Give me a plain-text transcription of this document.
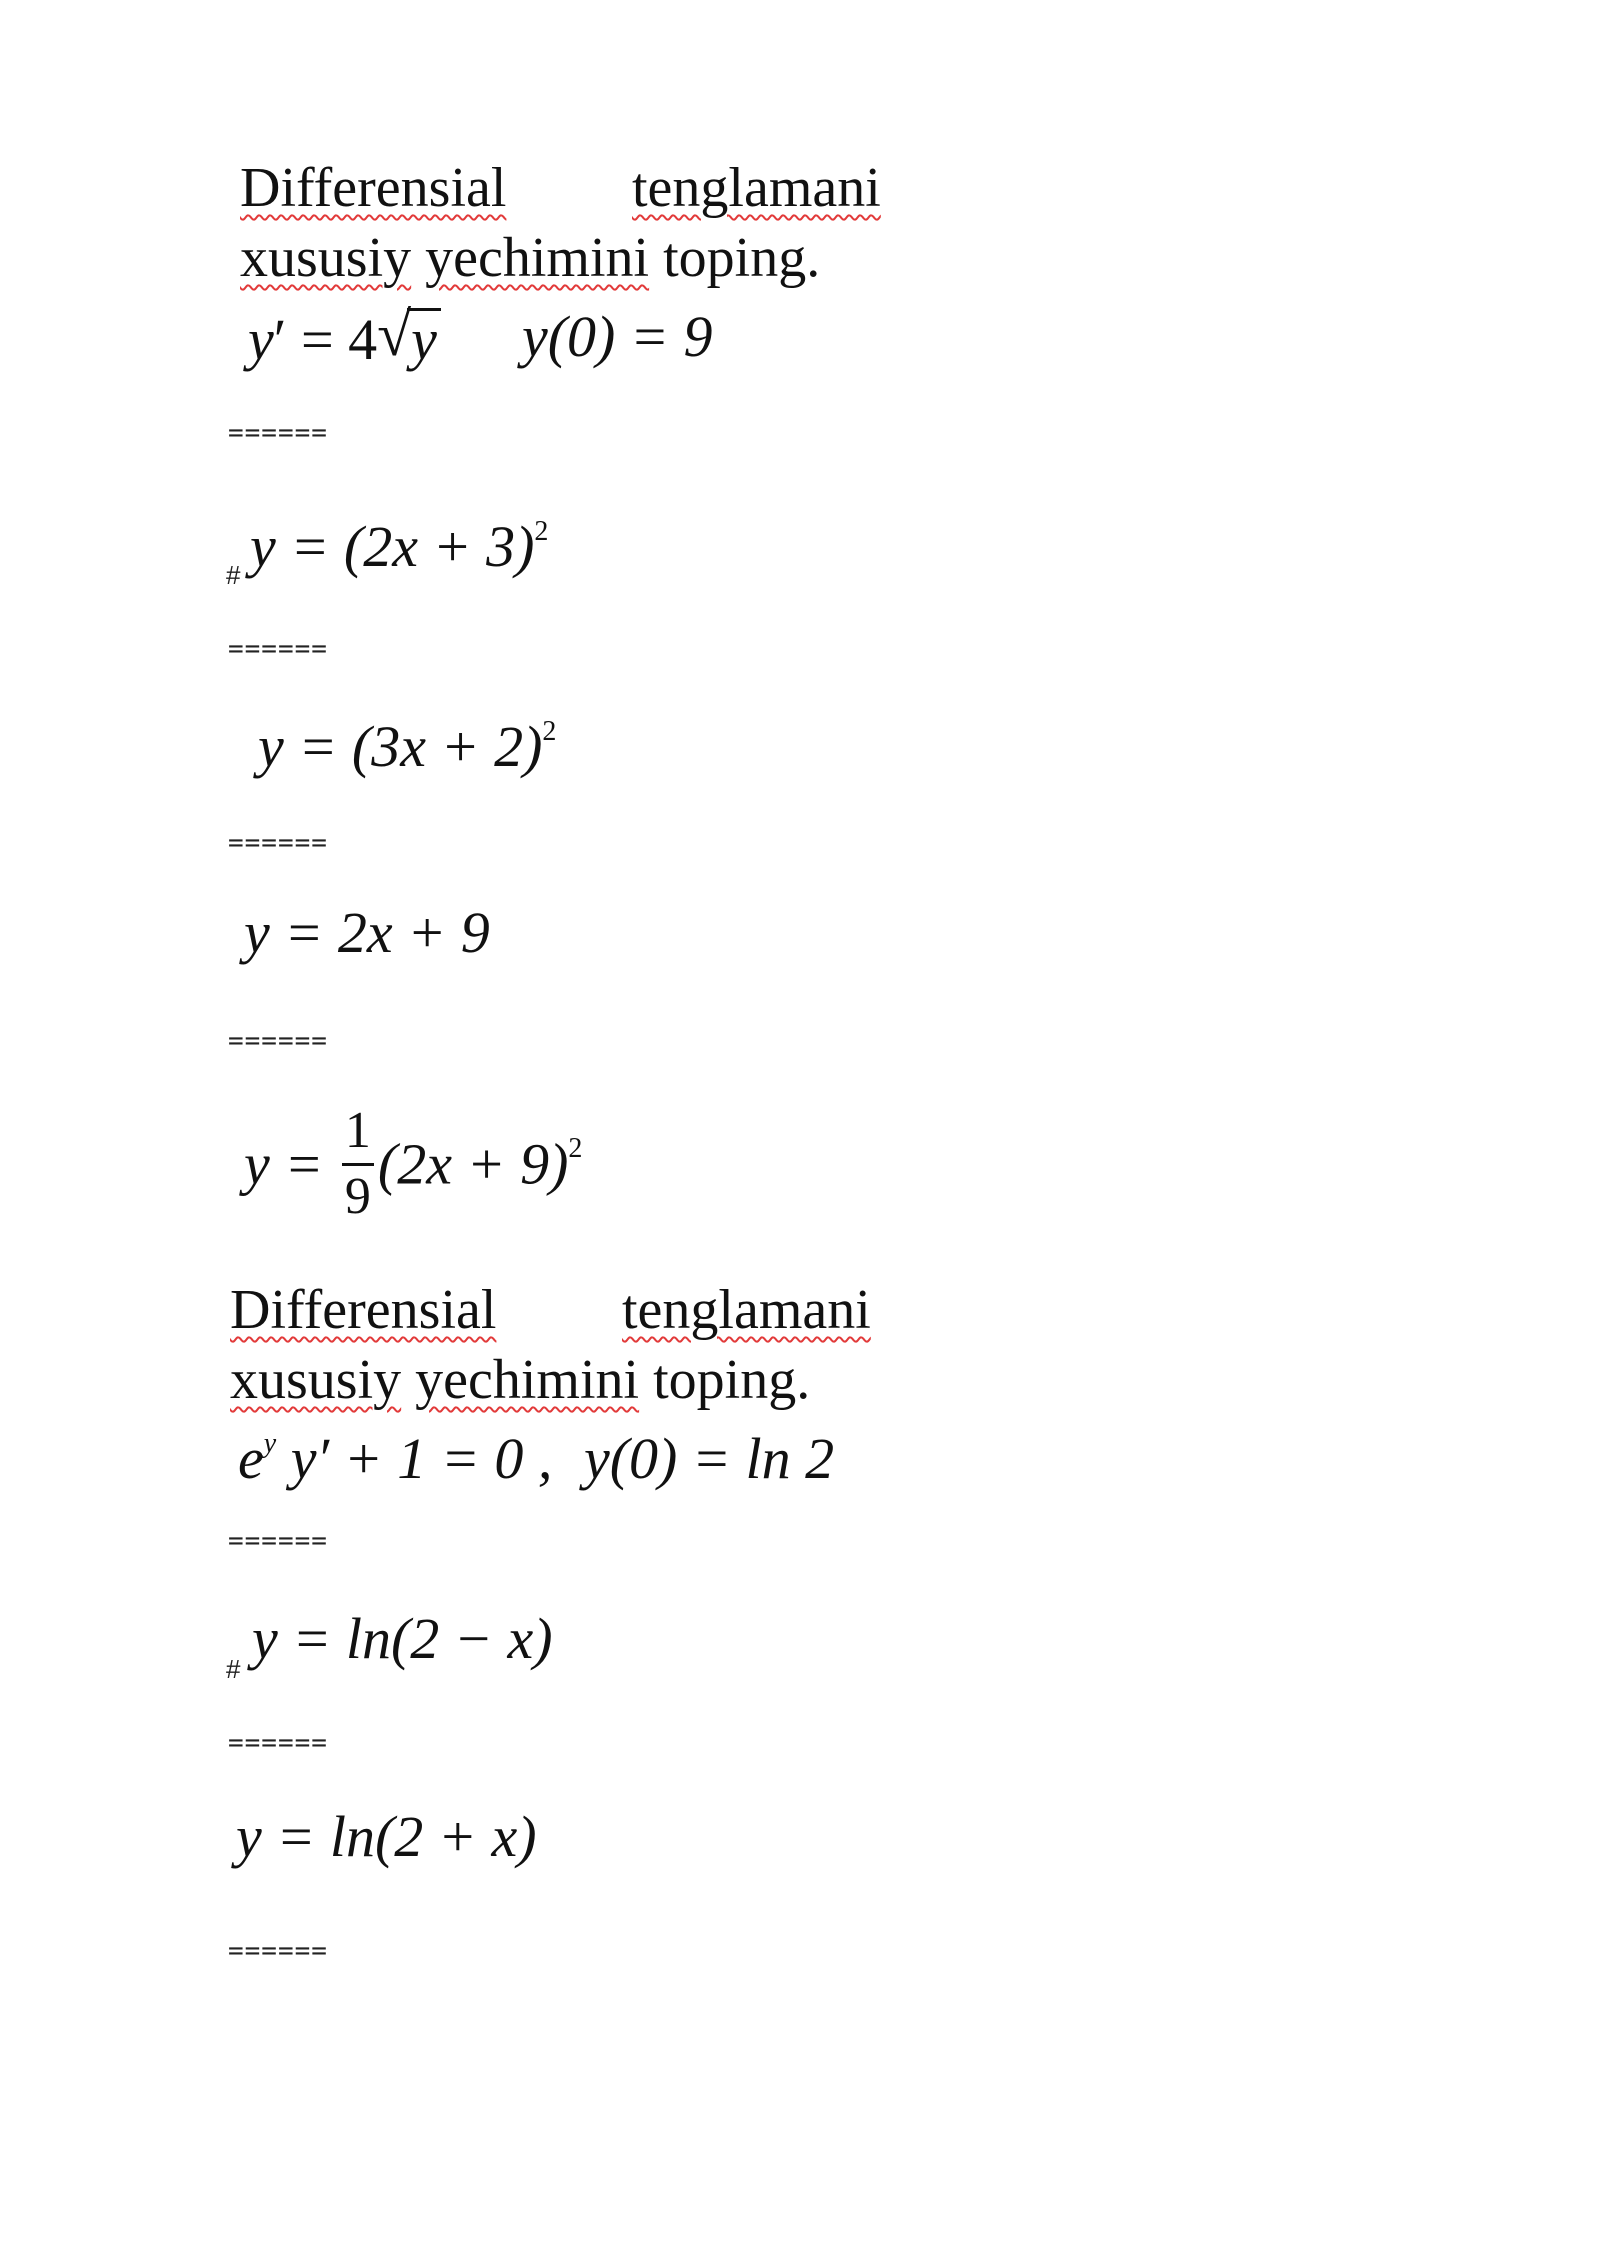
Differensial tenglamani
xususiy yechimini toping.
y′ = 4 √ y y(0) = 9
======
# $y = (2x + 3)^2$
======
$y = (3x + 2)^2$
======
y = 2x + 9
======
$y = \frac{1}{9} (2x + 9)^2$
Differensial tenglamani
xususiy yechimini toping.
$e^y$ y′ + 1 = 0 , y(0) = ln 2
======
# y = ln(2 − x)
======
y = ln(2 + x)
======
